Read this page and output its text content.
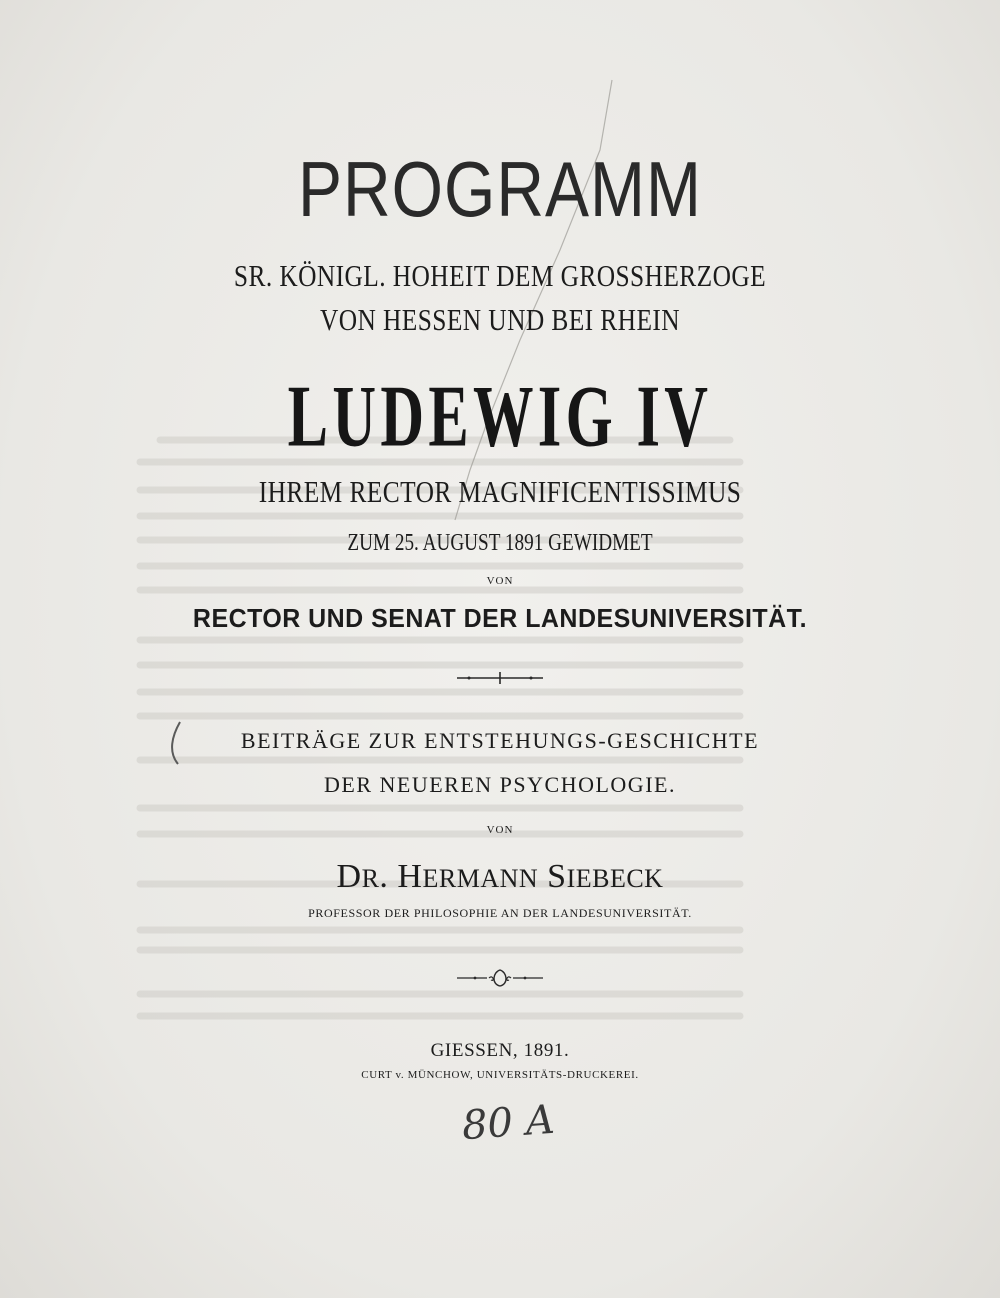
PROGRAMM
SR. KÖNIGL. HOHEIT DEM GROSSHERZOGE
VON HESSEN UND BEI RHEIN
LUDEWIG IV
IHREM RECTOR MAGNIFICENTISSIMUS
ZUM 25. AUGUST 1891 GEWIDMET
VON
RECTOR UND SENAT DER LANDESUNIVERSITÄT.
BEITRÄGE ZUR ENTSTEHUNGS-GESCHICHTE
DER NEUEREN PSYCHOLOGIE.
VON
DR. HERMANN SIEBECK
PROFESSOR DER PHILOSOPHIE AN DER LANDESUNIVERSITÄT.
GIESSEN, 1891.
CURT v. MÜNCHOW, UNIVERSITÄTS-DRUCKEREI.
80 A
